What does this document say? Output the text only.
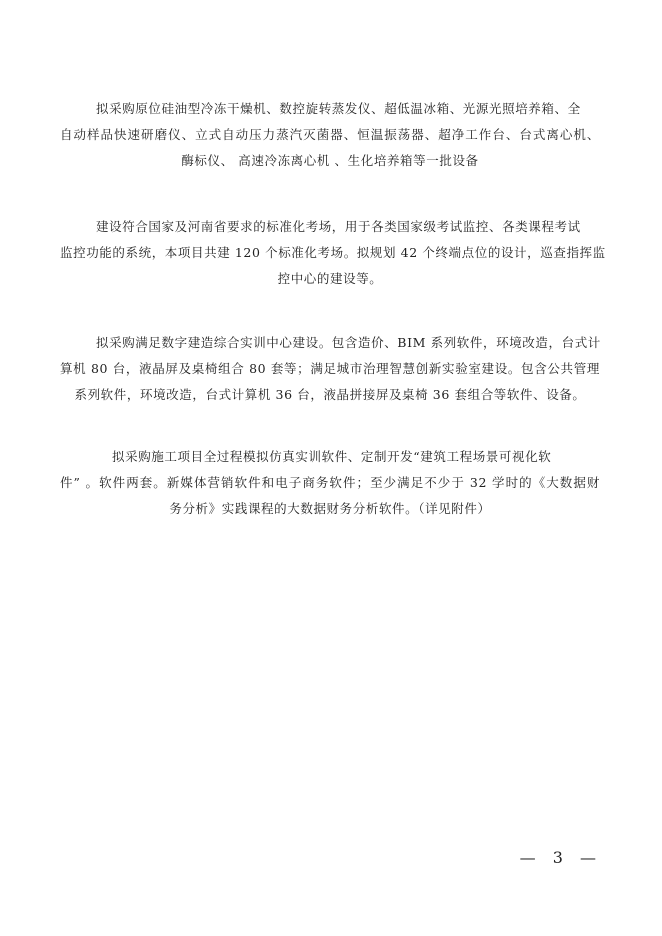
拟采购原位硅油型冷冻干燥机、数控旋转蒸发仪、超低温冰箱、光源光照培养箱、全
自动样品快速研磨仪、立式自动压力蒸汽灭菌器、恒温振荡器、超净工作台、台式离心机、
酶标仪、 高速冷冻离心机 、生化培养箱等一批设备
建设符合国家及河南省要求的标准化考场，用于各类国家级考试监控、各类课程考试
监控功能的系统，本项目共建 120 个标准化考场。拟规划 42 个终端点位的设计，巡查指挥监
控中心的建设等。
拟采购满足数字建造综合实训中心建设。包含造价、BIM 系列软件，环境改造，台式计
算机 80 台，液晶屏及桌椅组合 80 套等；满足城市治理智慧创新实验室建设。包含公共管理
系列软件，环境改造，台式计算机 36 台，液晶拼接屏及桌椅 36 套组合等软件、设备。
拟采购施工项目全过程模拟仿真实训软件、定制开发“建筑工程场景可视化软
件” 。软件两套。新媒体营销软件和电子商务软件；至少满足不少于 32 学时的《大数据财
务分析》实践课程的大数据财务分析软件。（详见附件）
— 3 —
